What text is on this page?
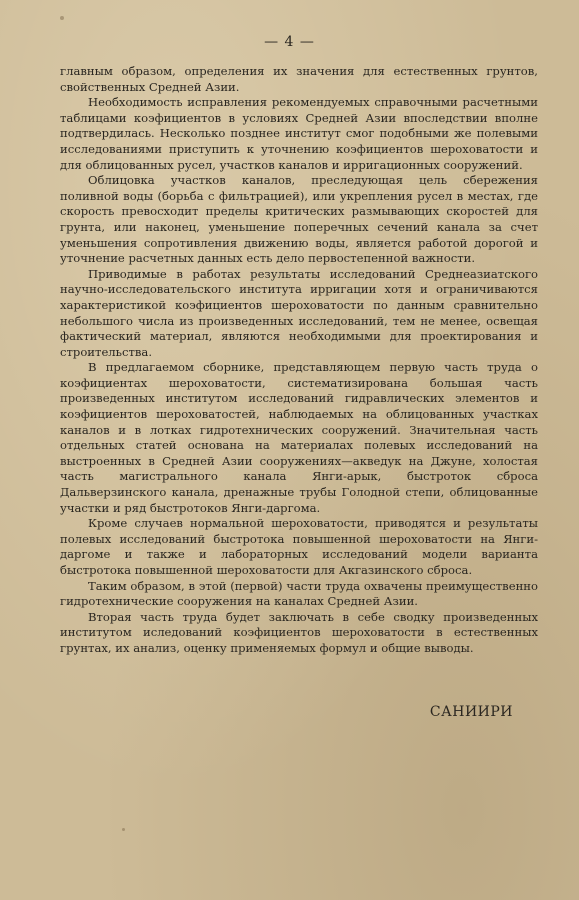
— 4 —

главным образом, определения их значения для естественных грунтов, свойственных Средней Азии.

Необходимость исправления рекомендуемых справочными расчетными таблицами коэфициентов в условиях Средней Азии впоследствии вполне подтвердилась. Несколько позднее институт смог подобными же полевыми исследованиями приступить к уточнению коэфициентов шероховатости и для облицованных русел, участков каналов и ирригационных сооружений.

Облицовка участков каналов, преследующая цель сбережения поливной воды (борьба с фильтрацией), или укрепления русел в местах, где скорость превосходит пределы критических размывающих скоростей для грунта, или наконец, уменьшение поперечных сечений канала за счет уменьшения сопротивления движению воды, является работой дорогой и уточнение расчетных данных есть дело первостепенной важности.

Приводимые в работах результаты исследований Среднеазиатского научно-исследовательского института ирригации хотя и ограничиваются характеристикой коэфициентов шероховатости по данным сравнительно небольшого числа из произведенных исследований, тем не менее, освещая фактический материал, являются необходимыми для проектирования и строительства.

В предлагаемом сборнике, представляющем первую часть труда о коэфициентах шероховатости, систематизирована большая часть произведенных институтом исследований гидравлических элементов и коэфициентов шероховатостей, наблюдаемых на облицованных участках каналов и в лотках гидротехнических сооружений. Значительная часть отдельных статей основана на материалах полевых исследований на выстроенных в Средней Азии сооружениях—акведук на Джуне, холостая часть магистрального канала Янги-арык, быстроток сброса Дальверзинского канала, дренажные трубы Голодной степи, облицованные участки и ряд быстротоков Янги-даргома.

Кроме случаев нормальной шероховатости, приводятся и результаты полевых исследований быстротока повышенной шероховатости на Янги-даргоме и также и лабораторных исследований модели варианта быстротока повышенной шероховатости для Акгазинского сброса.

Таким образом, в этой (первой) части труда охвачены преимущественно гидротехнические сооружения на каналах Средней Азии.

Вторая часть труда будет заключать в себе сводку произведенных институтом иследований коэфициентов шероховатости в естественных грунтах, их анализ, оценку применяемых формул и общие выводы.

САНИИРИ
